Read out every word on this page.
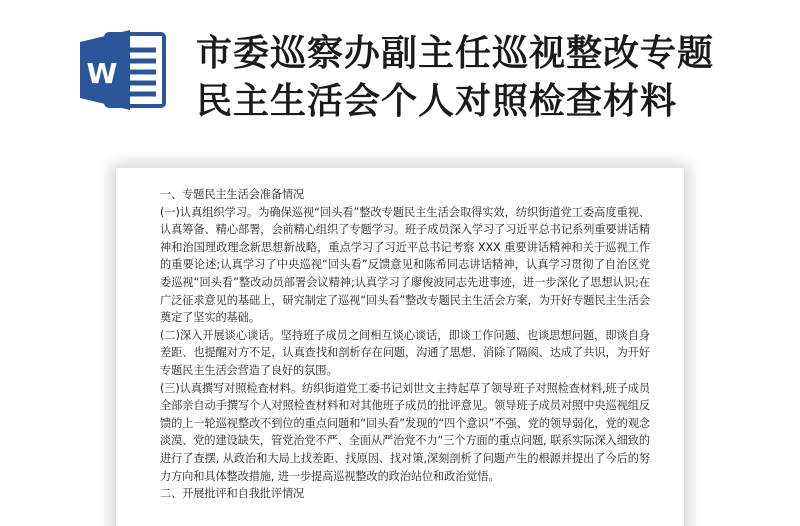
W 市委巡察办副主任巡视整改专题
民主生活会个人对照检查材料

一、专题民主生活会准备情况

(一)认真组织学习。为确保巡视“回头看”整改专题民主生活会取得实效，纺织街道党工委高度重视、认真筹备、精心部署，会前精心组织了专题学习。班子成员深入学习了习近平总书记系列重要讲话精神和治国理政理念新思想新战略，重点学习了习近平总书记考察 XXX 重要讲话精神和关于巡视工作的重要论述;认真学习了中央巡视“回头看”反馈意见和陈希同志讲话精神，认真学习贯彻了自治区党委巡视“回头看”整改动员部署会议精神;认真学习了廖俊波同志先进事迹，进一步深化了思想认识;在广泛征求意见的基础上，研究制定了巡视“回头看”整改专题民主生活会方案，为开好专题民主生活会奠定了坚实的基础。

(二)深入开展谈心谈话。坚持班子成员之间相互谈心谈话，即谈工作问题、也谈思想问题，即谈自身差距、也提醒对方不足，认真查找和剖析存在问题，沟通了思想、消除了隔阂、达成了共识，为开好专题民主生活会营造了良好的氛围。

(三)认真撰写对照检查材料。纺织街道党工委书记刘世文主持起草了领导班子对照检查材料,班子成员全部亲自动手撰写个人对照检查材料和对其他班子成员的批评意见。领导班子成员对照中央巡视组反馈的上一轮巡视整改不到位的重点问题和“回头看”发现的“四个意识”不强、党的领导弱化，党的观念淡漠、党的建设缺失，管党治党不严、全面从严治党不力“三个方面的重点问题, 联系实际深入细致的进行了查摆, 从政治和大局上找差距、找原因、找对策,深刻剖析了问题产生的根源并提出了今后的努力方向和具体整改措施, 进一步提高巡视整改的政治站位和政治觉悟。

二、开展批评和自我批评情况
